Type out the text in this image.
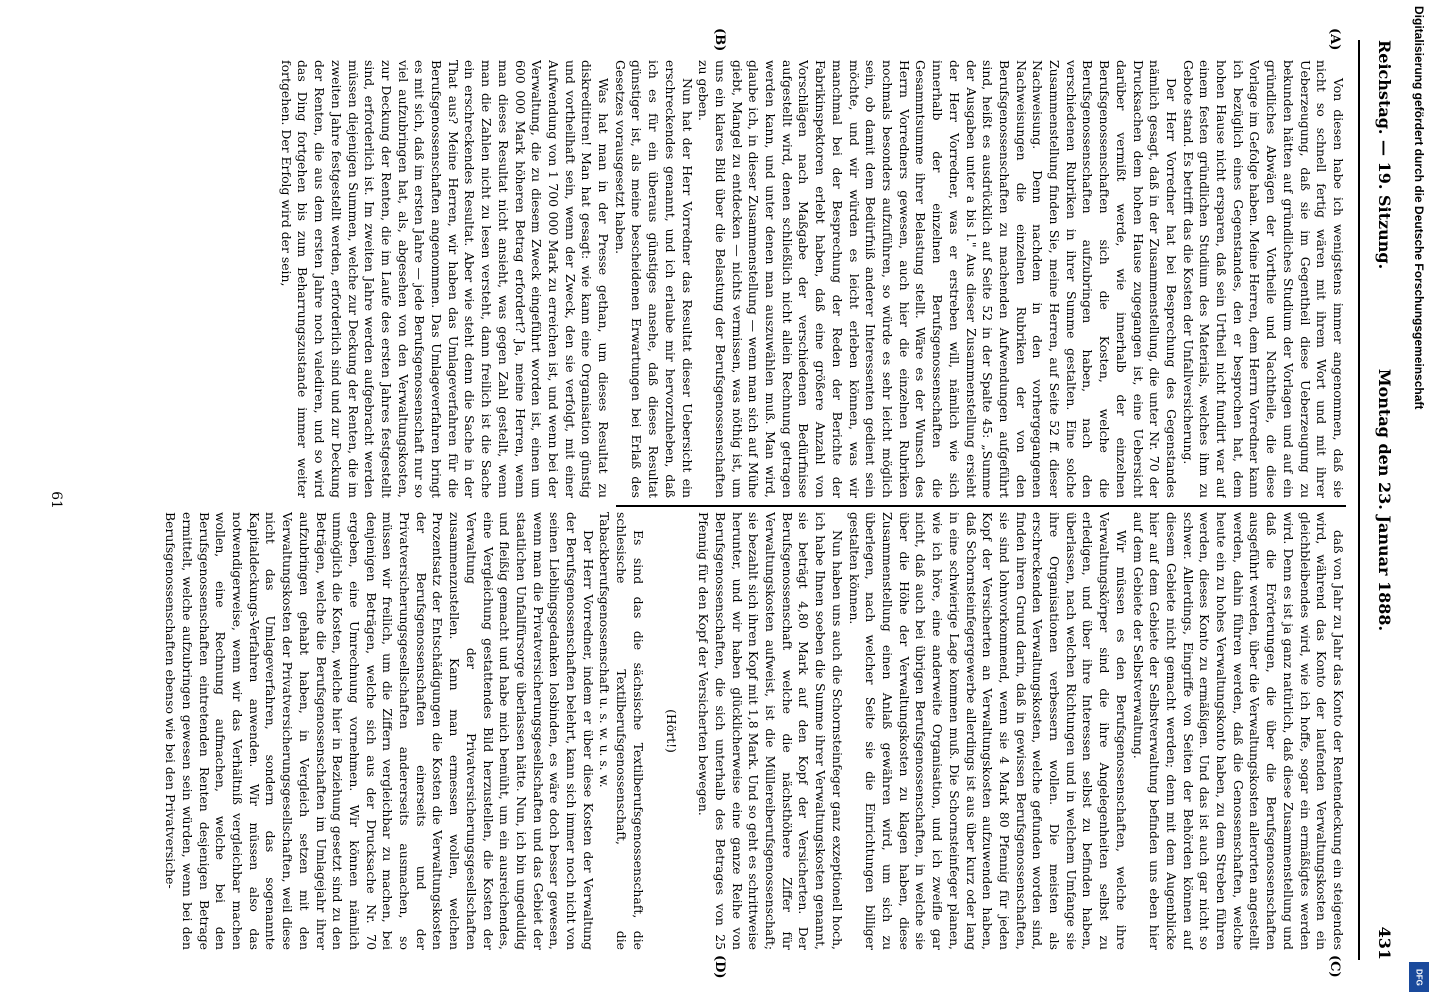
Reichstag. — 19. Sitzung.
Montag den 23. Januar 1888.
431
(A)
(B)
(C)
(D)

Von diesen habe ich wenigstens immer angenommen, daß sie nicht so schnell fertig wären mit ihrem Wort und mit ihrer Ueberzeugung, daß sie im Gegentheil diese Ueberzeugung zu bekunden hätten auf gründliches Studium der Vorlagen und auf ein gründliches Abwägen der Vortheile und Nachtheile, die diese Vorlage im Gefolge haben. Meine Herren, dem Herrn Vorredner kann ich bezüglich eines Gegenstandes, den er besprochen hat, dem hohen Hause nicht ersparen, daß sein Urtheil nicht fundirt war auf einem festen gründlichen Studium des Materials, welches ihm zu Gebote stand. Es betrifft das die Kosten der Unfallversicherung.

Der Herr Vorredner hat bei Besprechung des Gegenstandes nämlich gesagt, daß in der Zusammenstellung, die unter Nr. 70 der Drucksachen dem hohen Hause zugegangen ist, eine Uebersicht darüber vermißt werde, wie innerhalb der einzelnen Berufsgenossenschaften sich die Kosten, welche die Berufsgenossenschaften aufzubringen haben, nach den verschiedenen Rubriken in ihrer Summe gestalten. Eine solche Zusammenstellung finden Sie, meine Herren, auf Seite 52 ff. dieser Nachweisung. Denn nachdem in den vorhergegangenen Nachweisungen die einzelnen Rubriken der von den Berufsgenossenschaften zu machenden Aufwendungen aufgeführt sind, heißt es ausdrücklich auf Seite 52 in der Spalte 45: „Summe der Ausgaben unter a bis l." Aus dieser Zusammenstellung ersieht der Herr Vorredner, was er erstreben will, nämlich wie sich innerhalb der einzelnen Berufsgenossenschaften die Gesammtsumme ihrer Belastung stellt. Wäre es der Wunsch des Herrn Vorredners gewesen, auch hier die einzelnen Rubriken nochmals besonders aufzuführen, so würde es sehr leicht möglich sein, ob damit dem Bedürfniß anderer Interessenten gedient sein möchte, und wir würden es leicht erleben können, was wir manchmal bei der Besprechung der Reden der Berichte der Fabrikinspektoren erlebt haben, daß eine größere Anzahl von Vorschlägen nach Maßgabe der verschiedenen Bedürfnisse aufgestellt wird, denen schließlich nicht allein Rechnung getragen werden kann, und unter denen man auszuwählen muß. Man wird, glaube ich, in dieser Zusammenstellung — wenn man sich auf Mühe giebt, Mangel zu entdecken — nichts vermissen, was nöthig ist, um uns ein klares Bild über die Belastung der Berufsgenossenschaften zu geben.

Nun hat der Herr Vorredner das Resultat dieser Uebersicht ein erschreckendes genannt, und ich erlaube mir hervorzuheben, daß ich es für ein überaus günstiges ansehe, daß dieses Resultat günstiger ist, als meine bescheidenen Erwartungen bei Erlaß des Gesetzes vorausgesetzt haben.

Was hat man in der Presse gethan, um dieses Resultat zu diskreditiren! Man hat gesagt: wie kann eine Organisation günstig und vortheilhaft sein, wenn der Zweck, den sie verfolgt, mit einer Aufwendung von 1 700 000 Mark zu erreichen ist, und wenn bei der Verwaltung, die zu diesem Zweck eingeführt worden ist, einen um 600 000 Mark höheren Betrag erfordert? Ja, meine Herren, wenn man dieses Resultat nicht ansieht, was gegen Zahl gestellt, wenn man die Zahlen nicht zu lesen versteht, dann freilich ist die Sache ein erschreckendes Resultat. Aber wie steht denn die Sache in der That aus? Meine Herren, wir haben das Umlageverfahren für die Berufsgenossenschaften angenommen. Das Umlageverfahren bringt es mit sich, daß im ersten Jahre — jede Berufsgenossenschaft nur so viel aufzubringen hat, als, abgesehen von den Verwaltungskosten, zur Deckung der Renten, die im Laufe des ersten Jahres festgestellt sind, erforderlich ist. Im zweiten Jahre werden aufgebracht werden müssen diejenigen Summen, welche zur Deckung der Renten, die im zweiten Jahre festgestellt werden, erforderlich sind und zur Deckung der Renten, die aus dem ersten Jahre noch valediren, und so wird das Ding fortgehen bis zum Beharrungszustande immer weiter fortgehen. Der Erfolg wird der sein,

daß von Jahr zu Jahr das Konto der Rentendeckung ein steigendes wird, während das Konto der laufenden Verwaltungskosten ein gleichbleibendes wird, wie ich hoffe, sogar ein ermäßigtes werden wird. Denn es ist ja ganz natürlich, daß diese Zusammenstellung und daß die Erörterungen, die über die Berufsgenossenschaften ausgeführt werden, über die Verwaltungskosten allerorten angestellt werden, dahin führen werden, daß die Genossenschaften, welche heute ein zu hohes Verwaltungskonto haben, zu dem Streben führen werden, dieses Konto zu ermäßigen. Und das ist auch gar nicht so schwer. Allerdings, Eingriffe von Seiten der Behörden können auf diesem Gebiete nicht gemacht werden; denn mit dem Augenblicke hier auf dem Gebiete der Selbstverwaltung befinden uns eben hier auf dem Gebiete der Selbstverwaltung.

Wir müssen es den Berufsgenossenschaften, welche ihre Verwaltungskörper sind die ihre Angelegenheiten selbst zu erledigen, und über ihre Interessen selbst zu befinden haben, überlassen, nach welchen Richtungen und in welchem Umfange sie ihre Organisationen verbessern wollen. Die meisten als erschreckenden Verwaltungskosten, welche gefunden worden sind, finden ihren Grund darin, daß in gewissen Berufsgenossenschaften, sie sind lohnvorkommend, wenn sie 4 Mark 80 Pfennig für jeden Kopf der Versicherten an Verwaltungskosten aufzuwenden haben, daß Schornsteinfegergewerbe allerdings ist aus über kurz oder lang in eine schwierige Lage kommen muß. Die Schornsteinfeger planen, wie ich höre, eine anderweite Organisation, und ich zweifle gar nicht, daß auch bei übrigen Berufsgenossenschaften, in welche sie über die Höhe der Verwaltungskosten zu klagen haben, diese Zusammenstellung einen Anlaß gewähren wird, um sich zu überlegen, nach welcher Seite sie die Einrichtungen billiger gestalten können.

Nun haben uns auch die Schornsteinfeger ganz exzeptionell hoch, ich habe Ihnen soeben die Summe ihrer Verwaltungskosten genannt, sie beträgt 4,80 Mark auf den Kopf der Versicherten. Der Berufsgenossenschaft welche die nächsthöhere Ziffer für Verwaltungskosten aufweist, ist die Müllereiberufsgenossenschaft; sie bezahlt sich ihren Kopf mit 1,8 Mark. Und so geht es schrittweise herunter, und wir haben glücklicherweise eine ganze Reihe von Berufsgenossenschaften, die sich unterhalb des Betrages von 25 Pfennig für den Kopf der Versicherten bewegen.

(Hört!)

Es sind das die sächsische Textilberufsgenossenschaft, die schlesische Textilberufsgenossenschaft, die Tabackberufsgenossenschaft u. s. w. u. s. w.

Der Herr Vorredner, indem er über diese Kosten der Verwaltung der Berufsgenossenschaften belehrt, kann sich immer noch nicht von seinen Lieblingsgedanken losbinden, es wäre doch besser gewesen, wenn man die Privatversicherungsgesellschaften und das Gebiet der staatlichen Unfallfürsorge überlassen hätte. Nun, ich bin ungeduldig und fleißig gemacht und habe mich bemüht, um ein ausreichendes, eine Vergleichung gestattendes Bild herzustellen, die Kosten der Verwaltung der Privatversicherungsgesellschaften zusammenzustellen. Kann man ermessen wollen, welchen Prozentsatz der Entschädigungen die Kosten die Verwaltungskosten der Berufsgenossenschaften einerseits und der Privatversicherungsgesellschaften andererseits ausmachen, so müssen wir freilich, um die Ziffern vergleichbar zu machen, bei denjenigen Beträgen, welche sich aus der Drucksache Nr. 70 ergeben, eine Umrechnung vornehmen. Wir können nämlich unmöglich die Kosten, welche hier in Beziehung gesetzt sind zu den Beträgen, welche die Berufsgenossenschaften im Umlagejahr ihrer aufzubringen gehabt haben, in Vergleich setzen mit den Verwaltungskosten der Privatversicherungsgesellschaften, weil diese nicht das Umlageverfahren, sondern das sogenannte Kapitaldeckungs-Verfahren anwenden. Wir müssen also das notwendigerweise, wenn wir das Verhältniß vergleichbar machen wollen, eine Rechnung aufmachen, welche bei den Berufsgenossenschaften eintretenden Renten desjenigen Betrage ermittelt, welche aufzubringen gewesen sein würden, wenn bei den Berufsgenossenschaften ebenso wie bei den Privatversiche-

61
Digitalisierung gefördert durch die Deutsche Forschungsgemeinschaft
DFG
